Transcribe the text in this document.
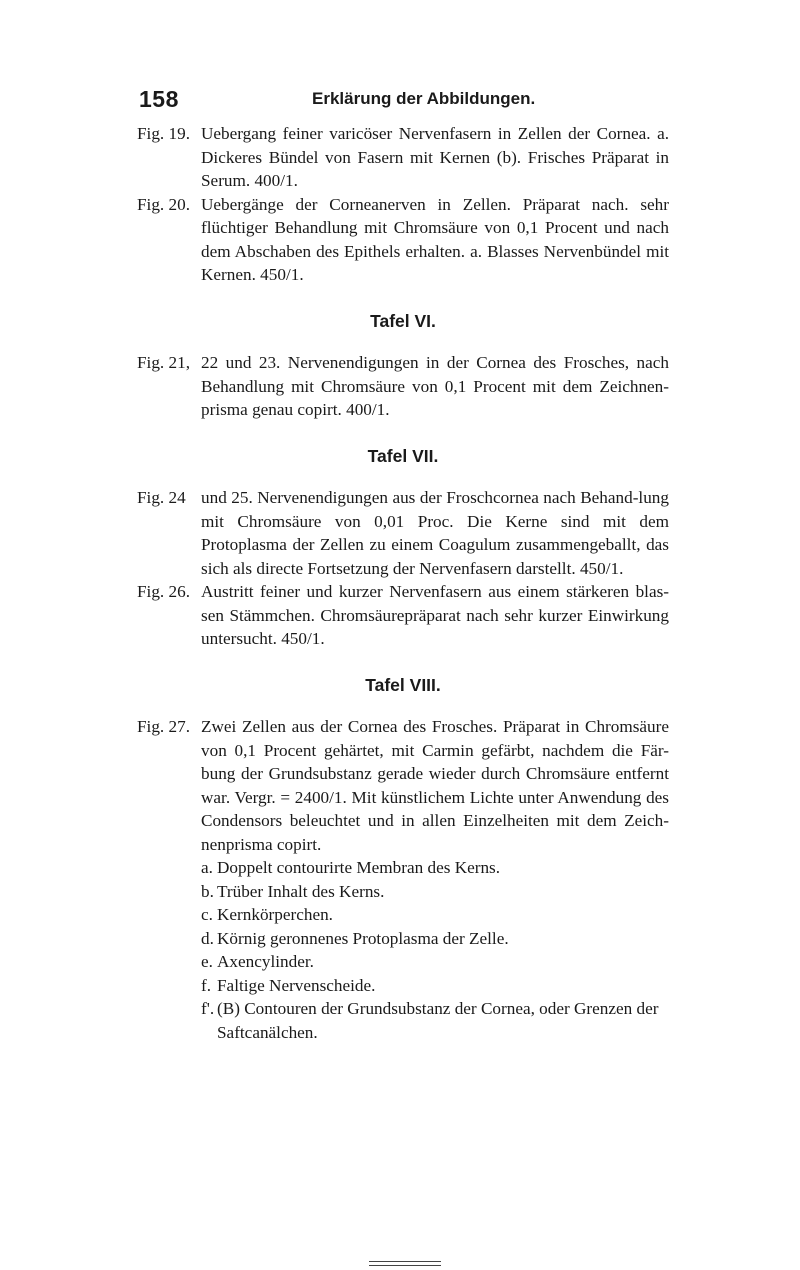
158	Erklärung der Abbildungen.
Fig. 19. Uebergang feiner varicöser Nervenfasern in Zellen der Cornea. a. Dickeres Bündel von Fasern mit Kernen (b). Frisches Präparat in Serum. 400/1.
Fig. 20. Uebergänge der Corneanerven in Zellen. Präparat nach. sehr flüchtiger Behandlung mit Chromsäure von 0,1 Procent und nach dem Abschaben des Epithels erhalten. a. Blasses Nervenbündel mit Kernen. 450/1.
Tafel VI.
Fig. 21, 22 und 23. Nervenendigungen in der Cornea des Frosches, nach Behandlung mit Chromsäure von 0,1 Procent mit dem Zeichnen-prisma genau copirt. 400/1.
Tafel VII.
Fig. 24 und 25. Nervenendigungen aus der Froschcornea nach Behand-lung mit Chromsäure von 0,01 Proc. Die Kerne sind mit dem Protoplasma der Zellen zu einem Coagulum zusammengeballt, das sich als directe Fortsetzung der Nervenfasern darstellt. 450/1.
Fig. 26. Austritt feiner und kurzer Nervenfasern aus einem stärkeren blas-sen Stämmchen. Chromsäurepräparat nach sehr kurzer Einwirkung untersucht. 450/1.
Tafel VIII.
Fig. 27. Zwei Zellen aus der Cornea des Frosches. Präparat in Chromsäure von 0,1 Procent gehärtet, mit Carmin gefärbt, nachdem die Fär-bung der Grundsubstanz gerade wieder durch Chromsäure entfernt war. Vergr. = 2400/1. Mit künstlichem Lichte unter Anwendung des Condensors beleuchtet und in allen Einzelheiten mit dem Zeich-nenprisma copirt.
a. Doppelt contourirte Membran des Kerns.
b. Trüber Inhalt des Kerns.
c. Kernkörperchen.
d. Körnig geronnenes Protoplasma der Zelle.
e. Axencylinder.
f. Faltige Nervenscheide.
f'. (B) Contouren der Grundsubstanz der Cornea, oder Grenzen der Saftcanälchen.
